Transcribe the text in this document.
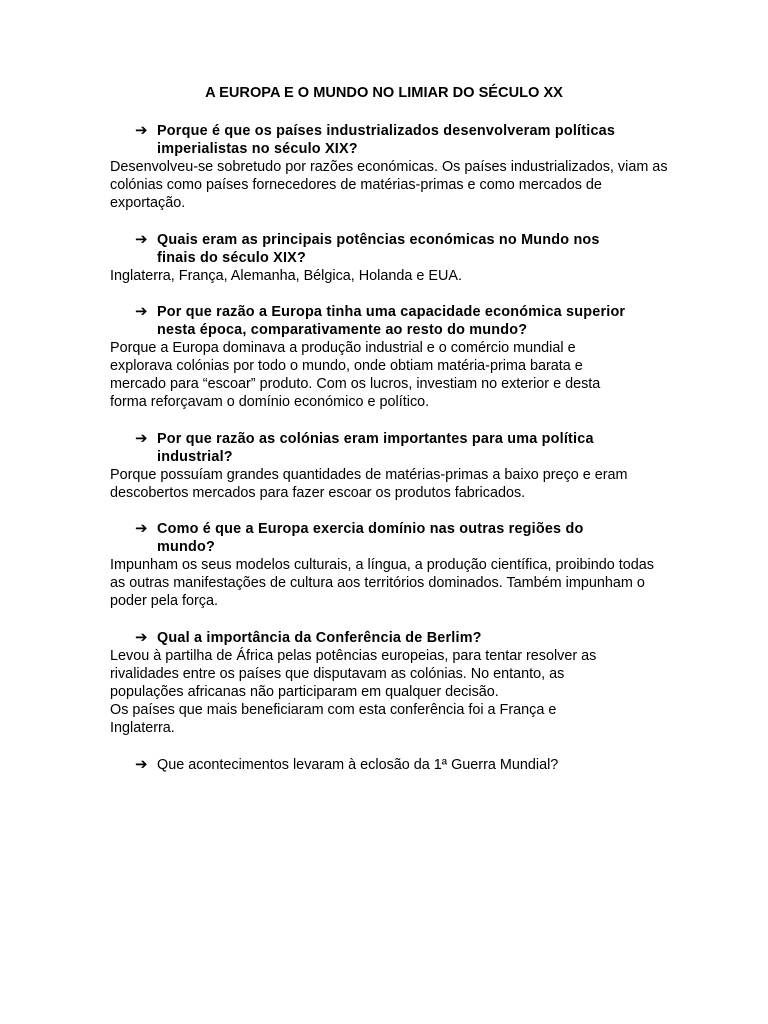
A EUROPA E O MUNDO NO LIMIAR DO SÉCULO XX
➔ Porque é que os países industrializados desenvolveram políticas imperialistas no século XIX?

Desenvolveu-se sobretudo por razões económicas. Os países industrializados, viam as colónias como países fornecedores de matérias-primas e como mercados de exportação.

➔ Quais eram as principais potências económicas no Mundo nos finais do século XIX?

Inglaterra, França, Alemanha, Bélgica, Holanda e EUA.

➔ Por que razão a Europa tinha uma capacidade económica superior nesta época, comparativamente ao resto do mundo?

Porque a Europa dominava a produção industrial e o comércio mundial e explorava colónias por todo o mundo, onde obtiam matéria-prima barata e mercado para “escoar” produto. Com os lucros, investiam no exterior e desta forma reforçavam o domínio económico e político.

➔ Por que razão as colónias eram importantes para uma política industrial?

Porque possuíam grandes quantidades de matérias-primas a baixo preço e eram descobertos mercados para fazer escoar os produtos fabricados.

➔ Como é que a Europa exercia domínio nas outras regiões do mundo?

Impunham os seus modelos culturais, a língua, a produção científica, proibindo todas as outras manifestações de cultura aos territórios dominados. Também impunham o poder pela força.

➔ Qual a importância da Conferência de Berlim?

Levou à partilha de África pelas potências europeias, para tentar resolver as rivalidades entre os países que disputavam as colónias. No entanto, as populações africanas não participaram em qualquer decisão.

Os países que mais beneficiaram com esta conferência foi a França e Inglaterra.

➔ Que acontecimentos levaram à eclosão da 1ª Guerra Mundial?
